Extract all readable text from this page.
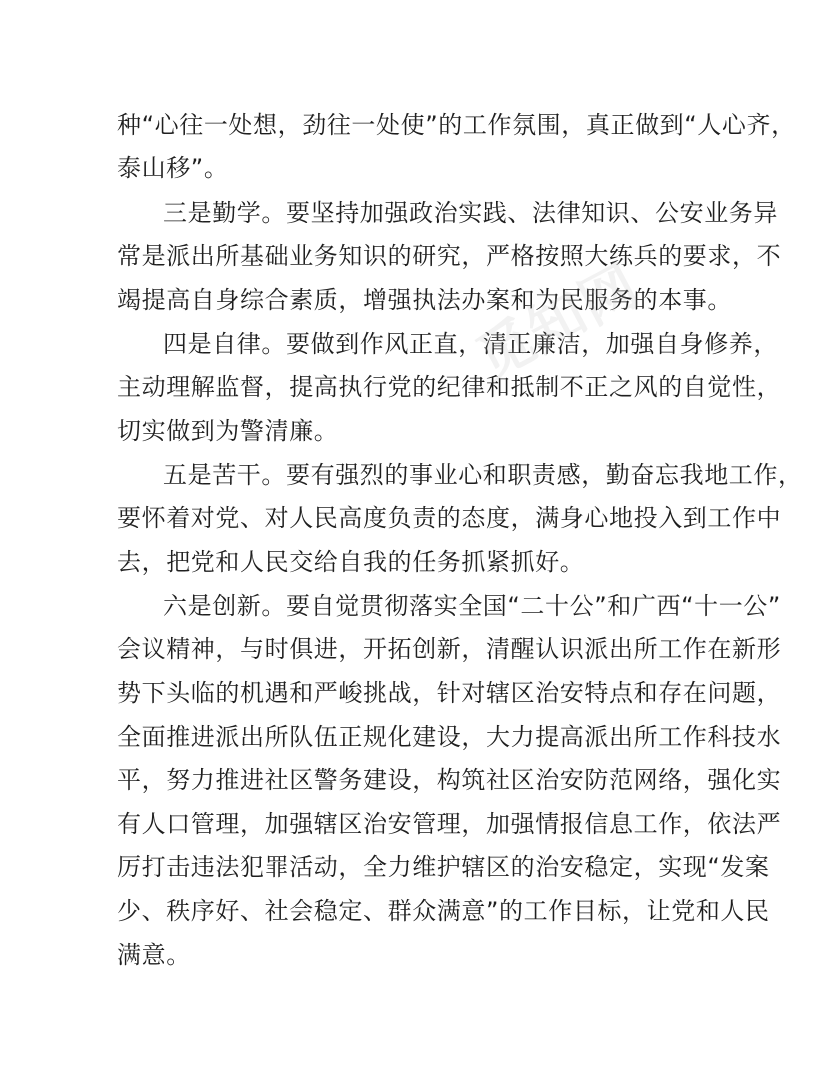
种“心往一处想，劲往一处使”的工作氛围，真正做到“人心齐，
泰山移”。
三是勤学。要坚持加强政治实践、法律知识、公安业务异
常是派出所基础业务知识的研究，严格按照大练兵的要求，不
竭提高自身综合素质，增强执法办案和为民服务的本事。
四是自律。要做到作风正直，清正廉洁，加强自身修养，
主动理解监督，提高执行党的纪律和抵制不正之风的自觉性，
切实做到为警清廉。
五是苦干。要有强烈的事业心和职责感，勤奋忘我地工作，
要怀着对党、对人民高度负责的态度，满身心地投入到工作中
去，把党和人民交给自我的任务抓紧抓好。
六是创新。要自觉贯彻落实全国“二十公”和广西“十一公”
会议精神，与时俱进，开拓创新，清醒认识派出所工作在新形
势下头临的机遇和严峻挑战，针对辖区治安特点和存在问题，
全面推进派出所队伍正规化建设，大力提高派出所工作科技水
平，努力推进社区警务建设，构筑社区治安防范网络，强化实
有人口管理，加强辖区治安管理，加强情报信息工作，依法严
厉打击违法犯罪活动，全力维护辖区的治安稳定，实现“发案
少、秩序好、社会稳定、群众满意”的工作目标，让党和人民
满意。
觅知网
